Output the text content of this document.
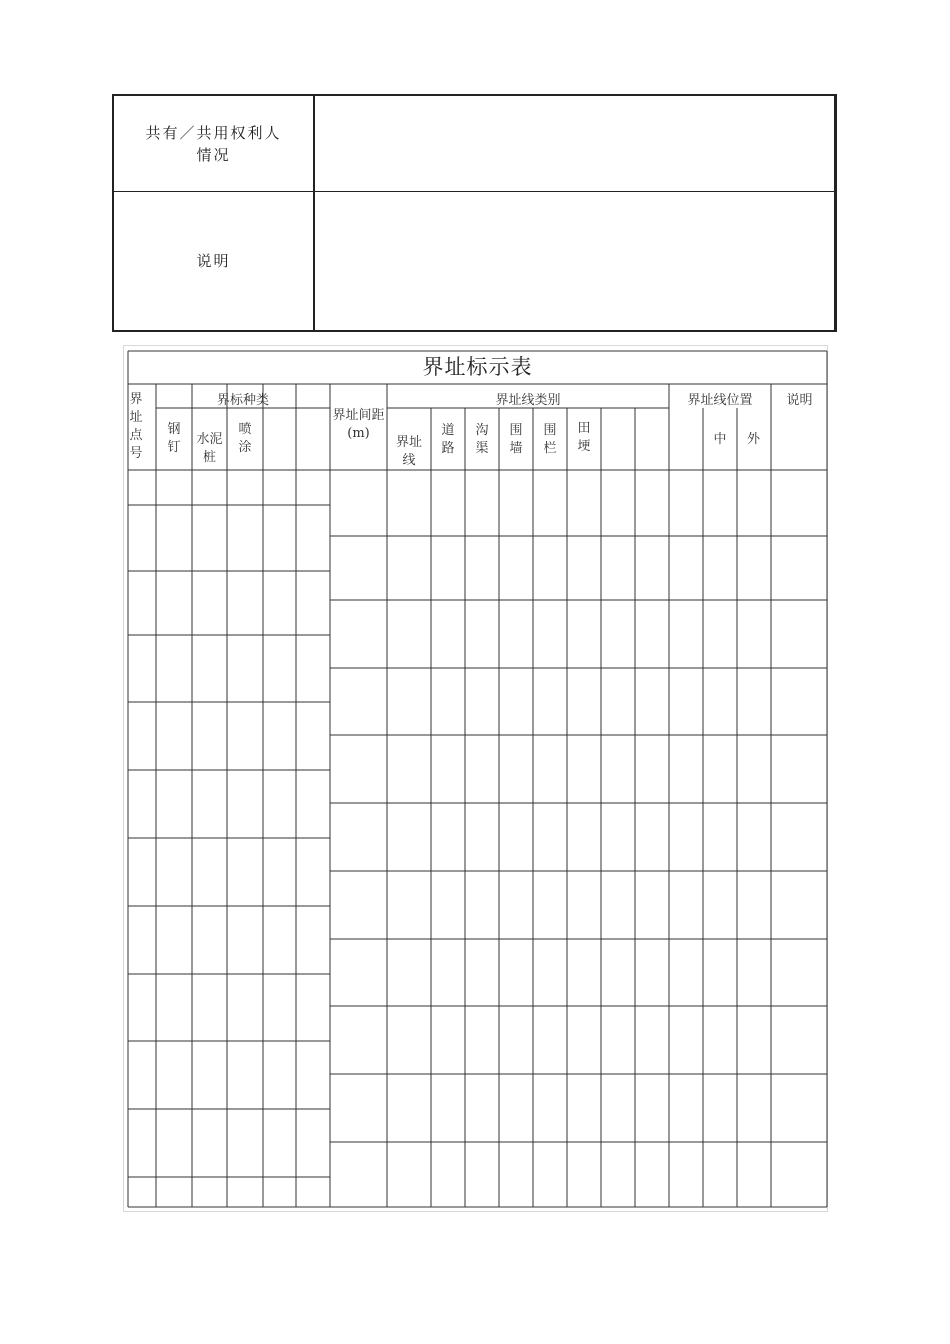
共有／共用权利人
情况
说明
界址标示表
界址点号
界标种类
钢钉
水泥桩
喷涂
界址间距(m)
界址线类别
界址线
道路
沟渠
围墙
围栏
田埂
界址线位置
中	外
说明
